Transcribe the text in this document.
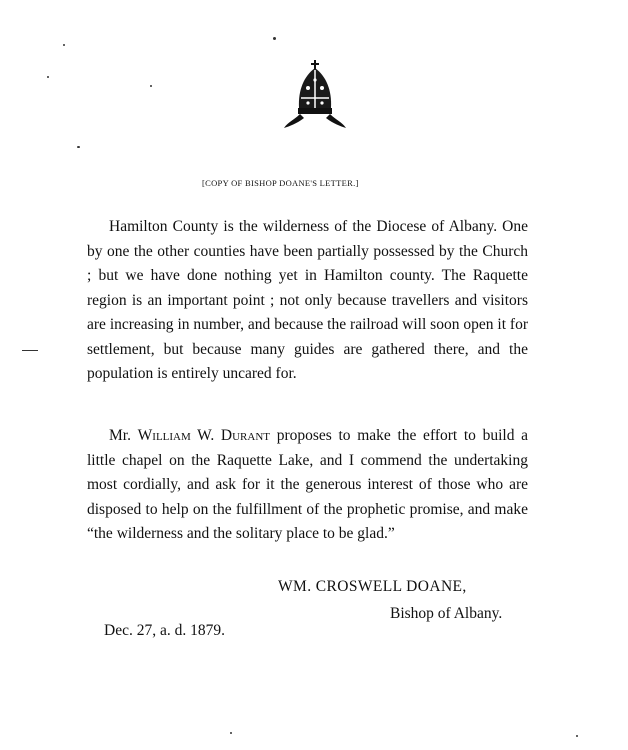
[COPY OF BISHOP DOANE'S LETTER.]
Hamilton County is the wilderness of the Diocese of Albany. One by one the other counties have been partially possessed by the Church ; but we have done nothing yet in Hamilton county. The Raquette region is an important point ; not only because travellers and visitors are increasing in number, and because the railroad will soon open it for settlement, but because many guides are gathered there, and the population is entirely uncared for.
Mr. William W. Durant proposes to make the effort to build a little chapel on the Raquette Lake, and I commend the undertaking most cordially, and ask for it the generous interest of those who are disposed to help on the fulfillment of the prophetic promise, and make “the wilderness and the solitary place to be glad.”
WM. CROSWELL DOANE,
Bishop of Albany.
Dec. 27, a. d. 1879.
